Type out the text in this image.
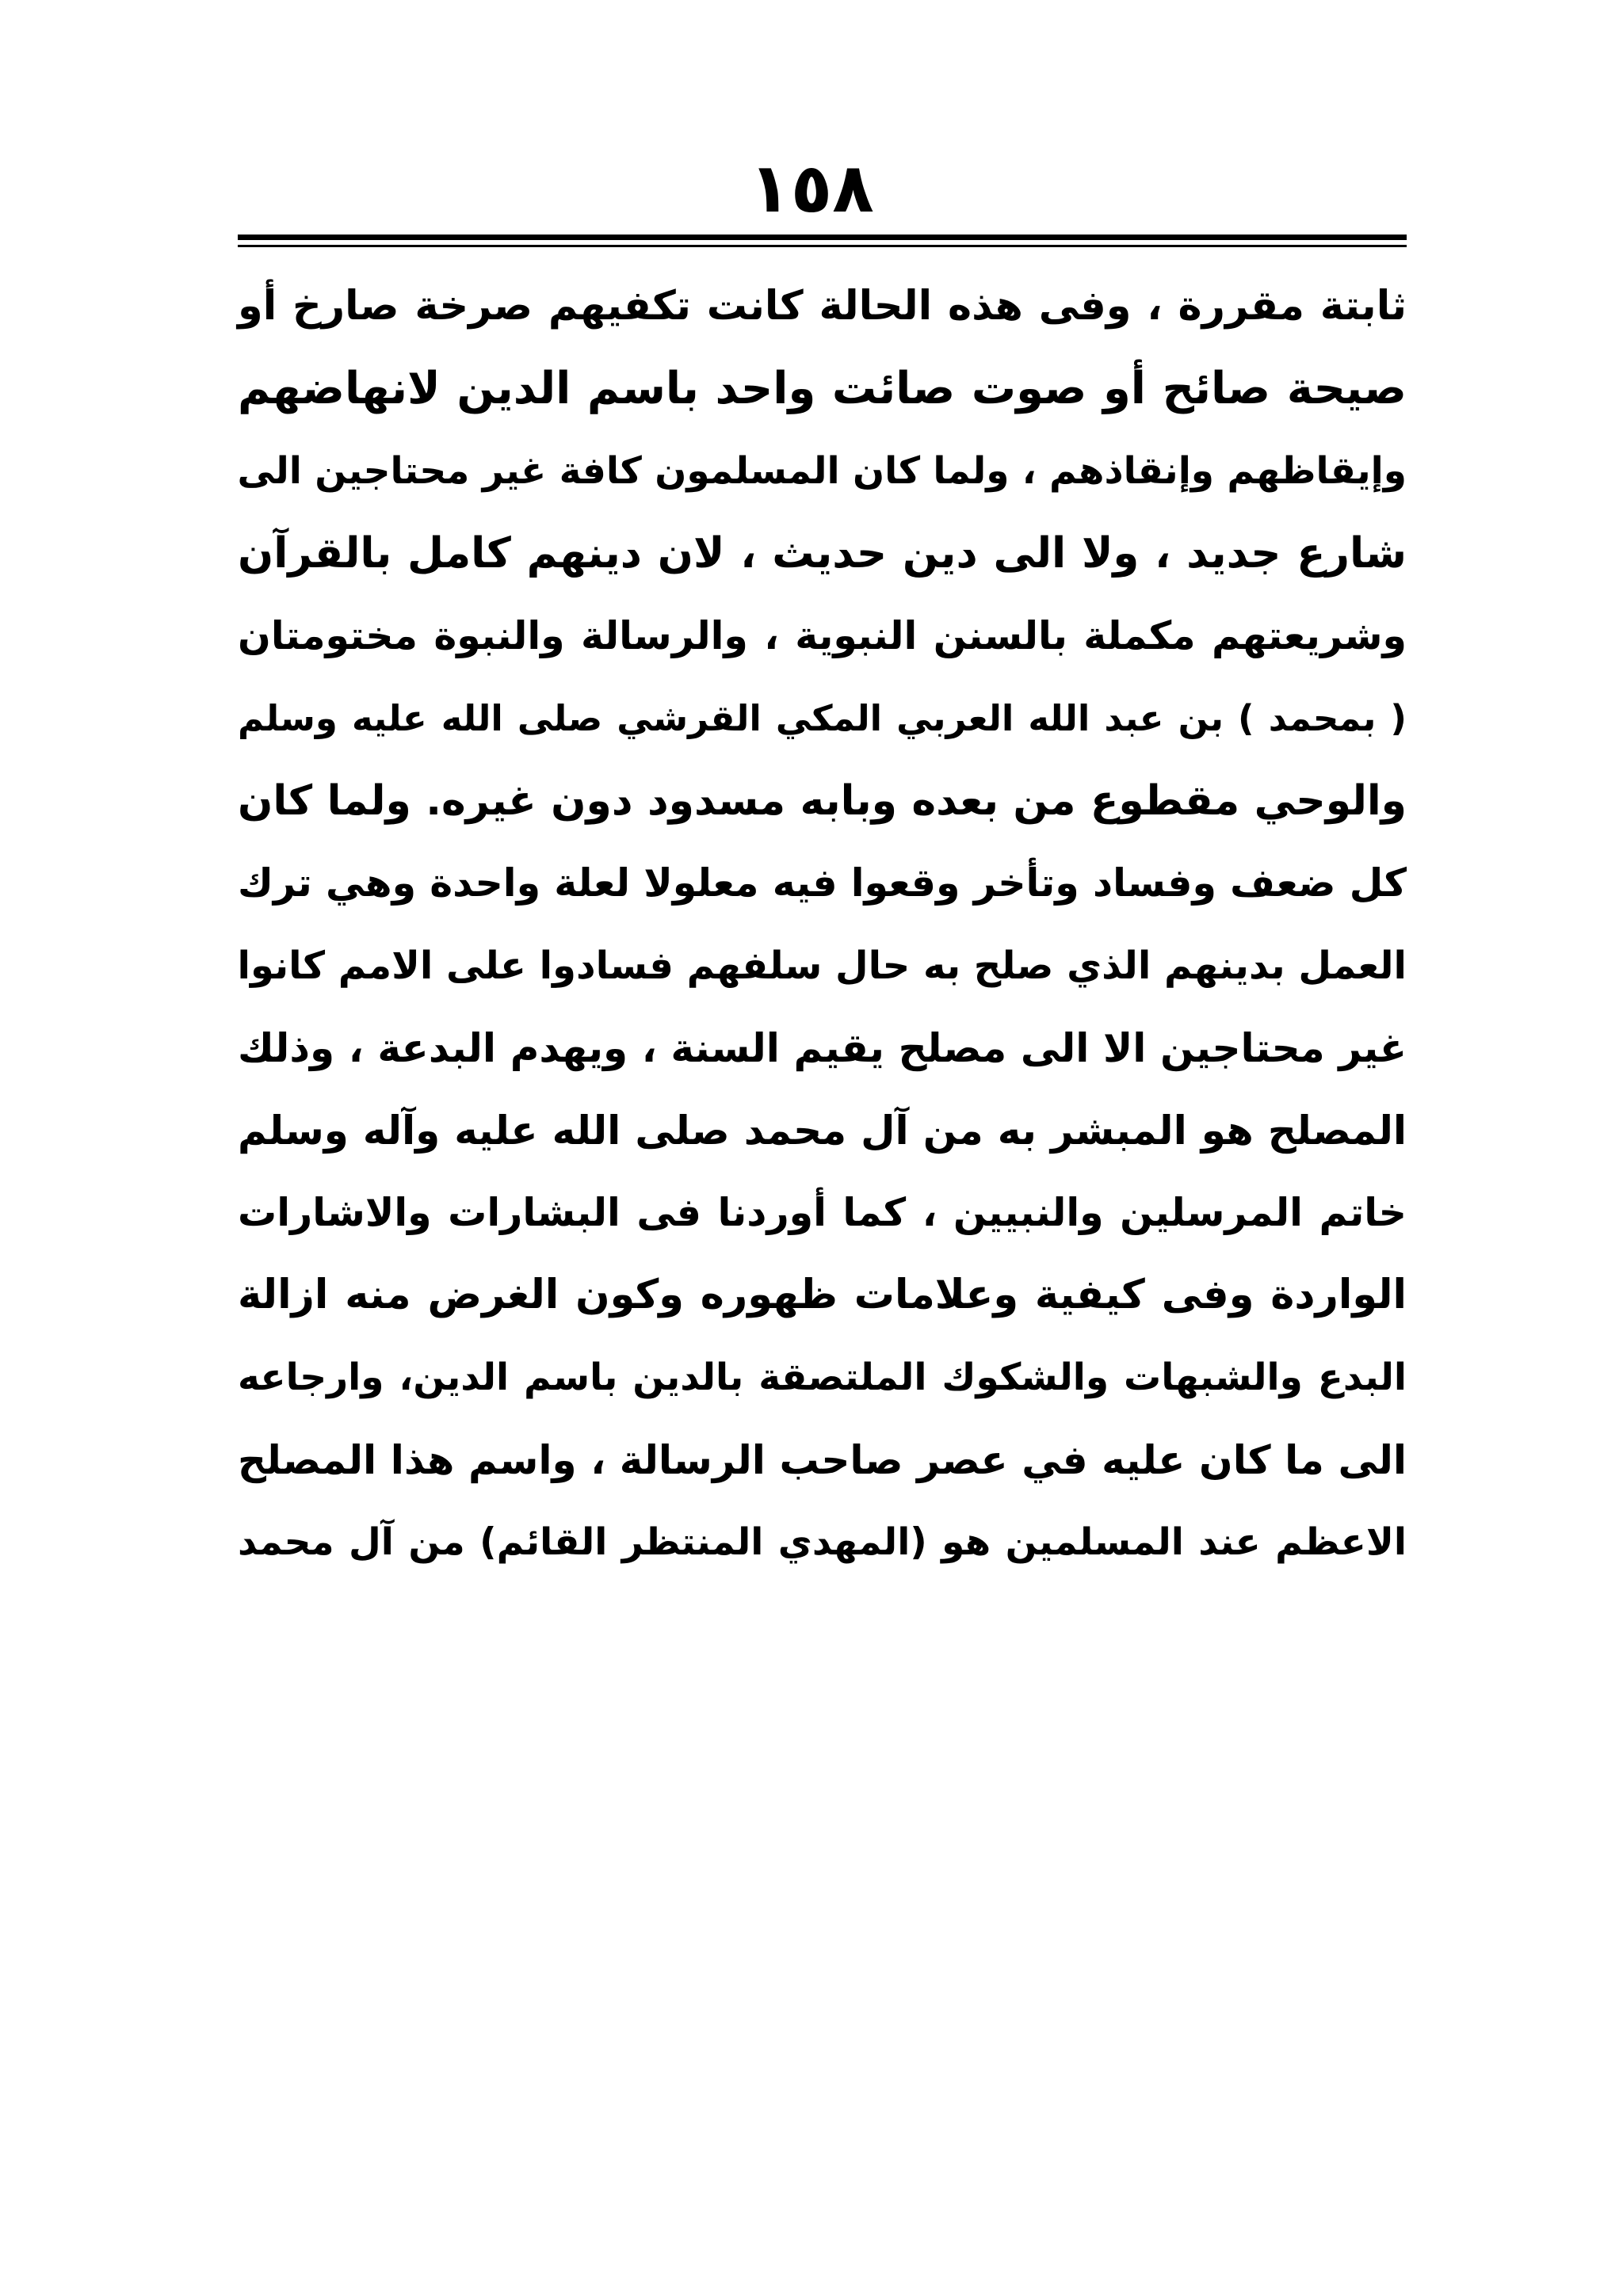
١٥٨
ثابتة مقررة ، وفى هذه الحالة كانت تكفيهم صرخة صارخ أو
صيحة صائح أو صوت صائت واحد باسم الدين لانهاضهم
وإيقاظهم وإنقاذهم ، ولما كان المسلمون كافة غير محتاجين الى
شارع جديد ، ولا الى دين حديث ، لان دينهم كامل بالقرآن
وشريعتهم مكملة بالسنن النبوية ، والرسالة والنبوة مختومتان
( بمحمد ) بن عبد الله العربي المكي القرشي صلى الله عليه وسلم
والوحي مقطوع من بعده وبابه مسدود دون غيره. ولما كان
كل ضعف وفساد وتأخر وقعوا فيه معلولا لعلة واحدة وهي ترك
العمل بدينهم الذي صلح به حال سلفهم فسادوا على الامم كانوا
غير محتاجين الا الى مصلح يقيم السنة ، ويهدم البدعة ، وذلك
المصلح هو المبشر به من آل محمد صلى الله عليه وآله وسلم
خاتم المرسلين والنبيين ، كما أوردنا فى البشارات والاشارات
الواردة وفى كيفية وعلامات ظهوره وكون الغرض منه ازالة
البدع والشبهات والشكوك الملتصقة بالدين باسم الدين، وارجاعه
الى ما كان عليه في عصر صاحب الرسالة ، واسم هذا المصلح
الاعظم عند المسلمين هو (المهدي المنتظر القائم) من آل محمد
